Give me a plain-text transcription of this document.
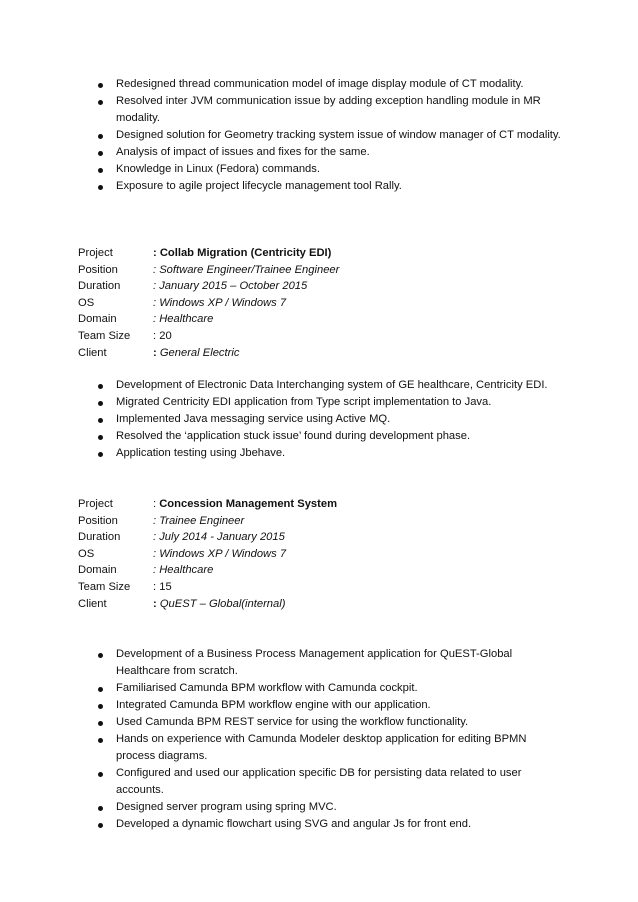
Redesigned thread communication model of image display module of CT modality.
Resolved inter JVM communication issue by adding exception handling module in MR modality.
Designed solution for Geometry tracking system issue of window manager of CT modality.
Analysis of impact of issues and fixes for the same.
Knowledge in Linux (Fedora) commands.
Exposure to agile project lifecycle management tool Rally.
Project	: Collab Migration (Centricity EDI)
Position	: Software Engineer/Trainee Engineer
Duration	: January 2015 – October 2015
OS	: Windows XP / Windows 7
Domain	: Healthcare
Team Size	: 20
Client	: General Electric
Development of Electronic Data Interchanging system of GE healthcare, Centricity EDI.
Migrated Centricity EDI application from Type script implementation to Java.
Implemented Java messaging service using Active MQ.
Resolved the ‘application stuck issue’ found during development phase.
Application testing using Jbehave.
Project	: Concession Management System
Position	: Trainee Engineer
Duration	: July 2014 - January 2015
OS	: Windows XP / Windows 7
Domain	: Healthcare
Team Size	: 15
Client	: QuEST – Global(internal)
Development of a Business Process Management application for QuEST-Global Healthcare from scratch.
Familiarised Camunda BPM workflow with Camunda cockpit.
Integrated Camunda BPM workflow engine with our application.
Used Camunda BPM REST service for using the workflow functionality.
Hands on experience with Camunda Modeler desktop application for editing BPMN process diagrams.
Configured and used our application specific DB for persisting data related to user accounts.
Designed server program using spring MVC.
Developed a dynamic flowchart using SVG and angular Js for front end.
